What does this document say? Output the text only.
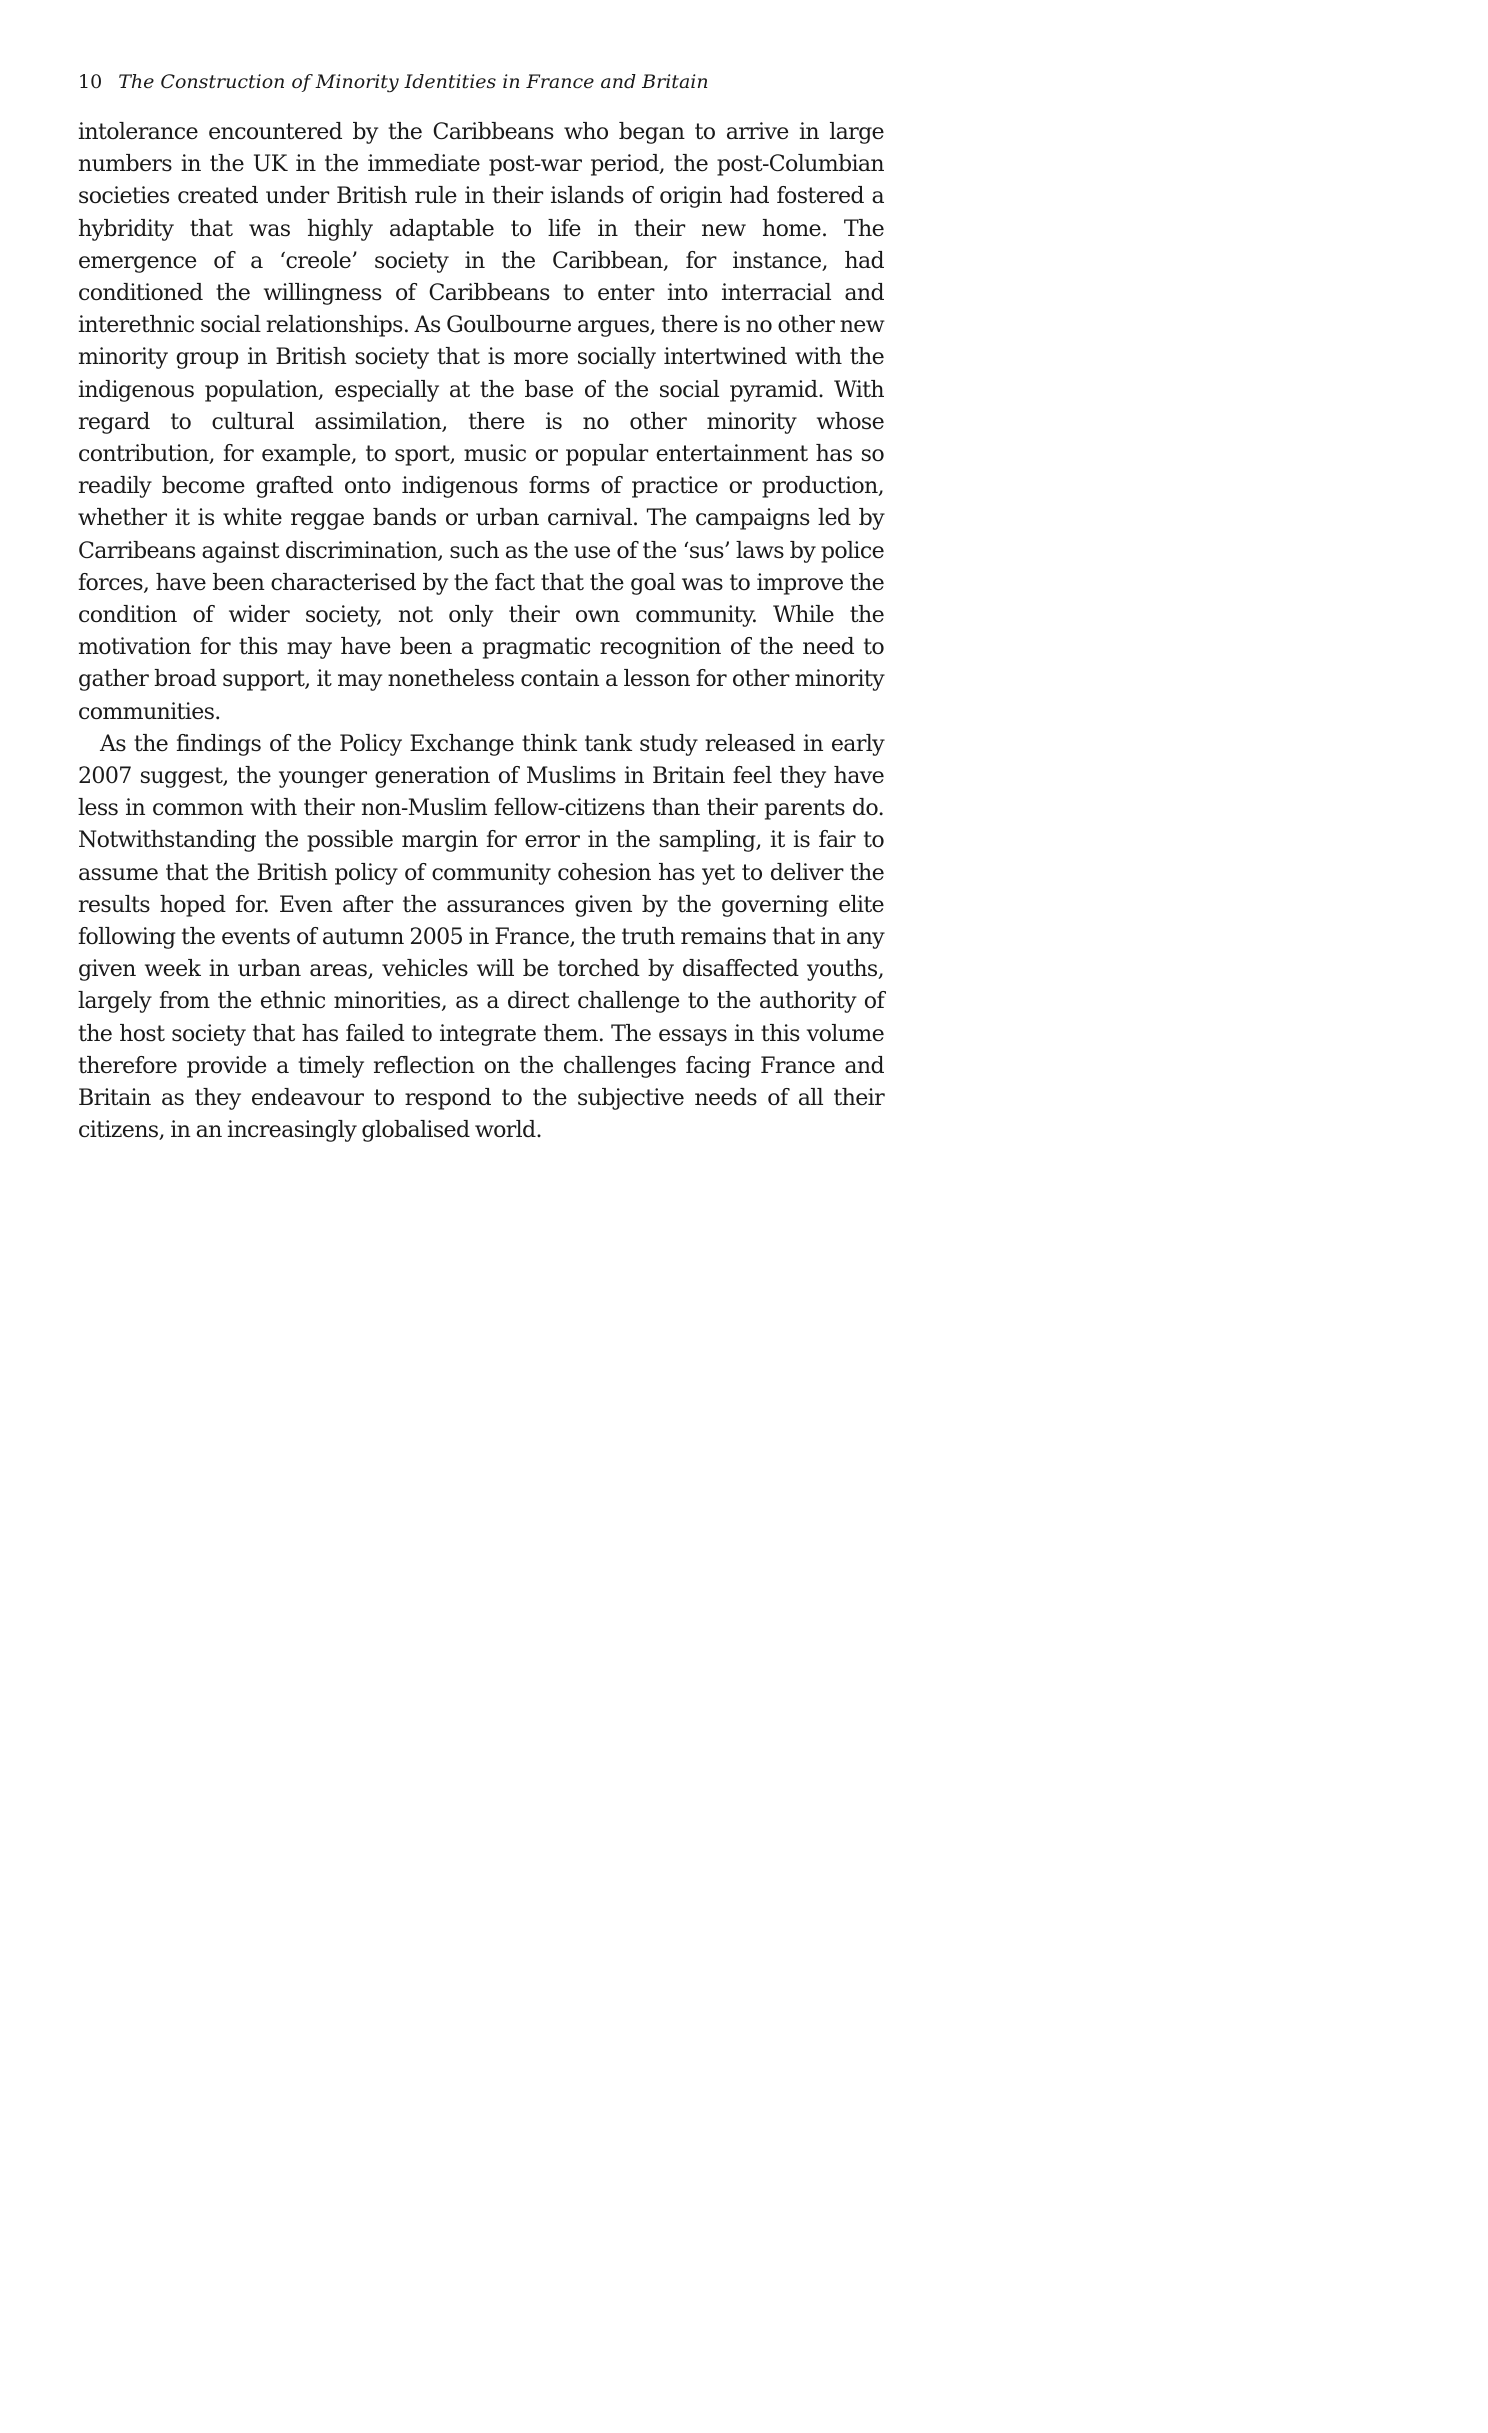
10 The Construction of Minority Identities in France and Britain

intolerance encountered by the Caribbeans who began to arrive in large numbers in the UK in the immediate post-war period, the post-Columbian societies created under British rule in their islands of origin had fostered a hybridity that was highly adaptable to life in their new home. The emergence of a ‘creole’ society in the Caribbean, for instance, had conditioned the willingness of Caribbeans to enter into interracial and interethnic social relationships. As Goulbourne argues, there is no other new minority group in British society that is more socially intertwined with the indigenous population, especially at the base of the social pyramid. With regard to cultural assimilation, there is no other minority whose contribution, for example, to sport, music or popular entertainment has so readily become grafted onto indigenous forms of practice or production, whether it is white reggae bands or urban carnival. The campaigns led by Carribeans against discrimination, such as the use of the ‘sus’ laws by police forces, have been characterised by the fact that the goal was to improve the condition of wider society, not only their own community. While the motivation for this may have been a pragmatic recognition of the need to gather broad support, it may nonetheless contain a lesson for other minority communities.

As the findings of the Policy Exchange think tank study released in early 2007 suggest, the younger generation of Muslims in Britain feel they have less in common with their non-Muslim fellow-citizens than their parents do. Notwithstanding the possible margin for error in the sampling, it is fair to assume that the British policy of community cohesion has yet to deliver the results hoped for. Even after the assurances given by the governing elite following the events of autumn 2005 in France, the truth remains that in any given week in urban areas, vehicles will be torched by disaffected youths, largely from the ethnic minorities, as a direct challenge to the authority of the host society that has failed to integrate them. The essays in this volume therefore provide a timely reflection on the challenges facing France and Britain as they endeavour to respond to the subjective needs of all their citizens, in an increasingly globalised world.
